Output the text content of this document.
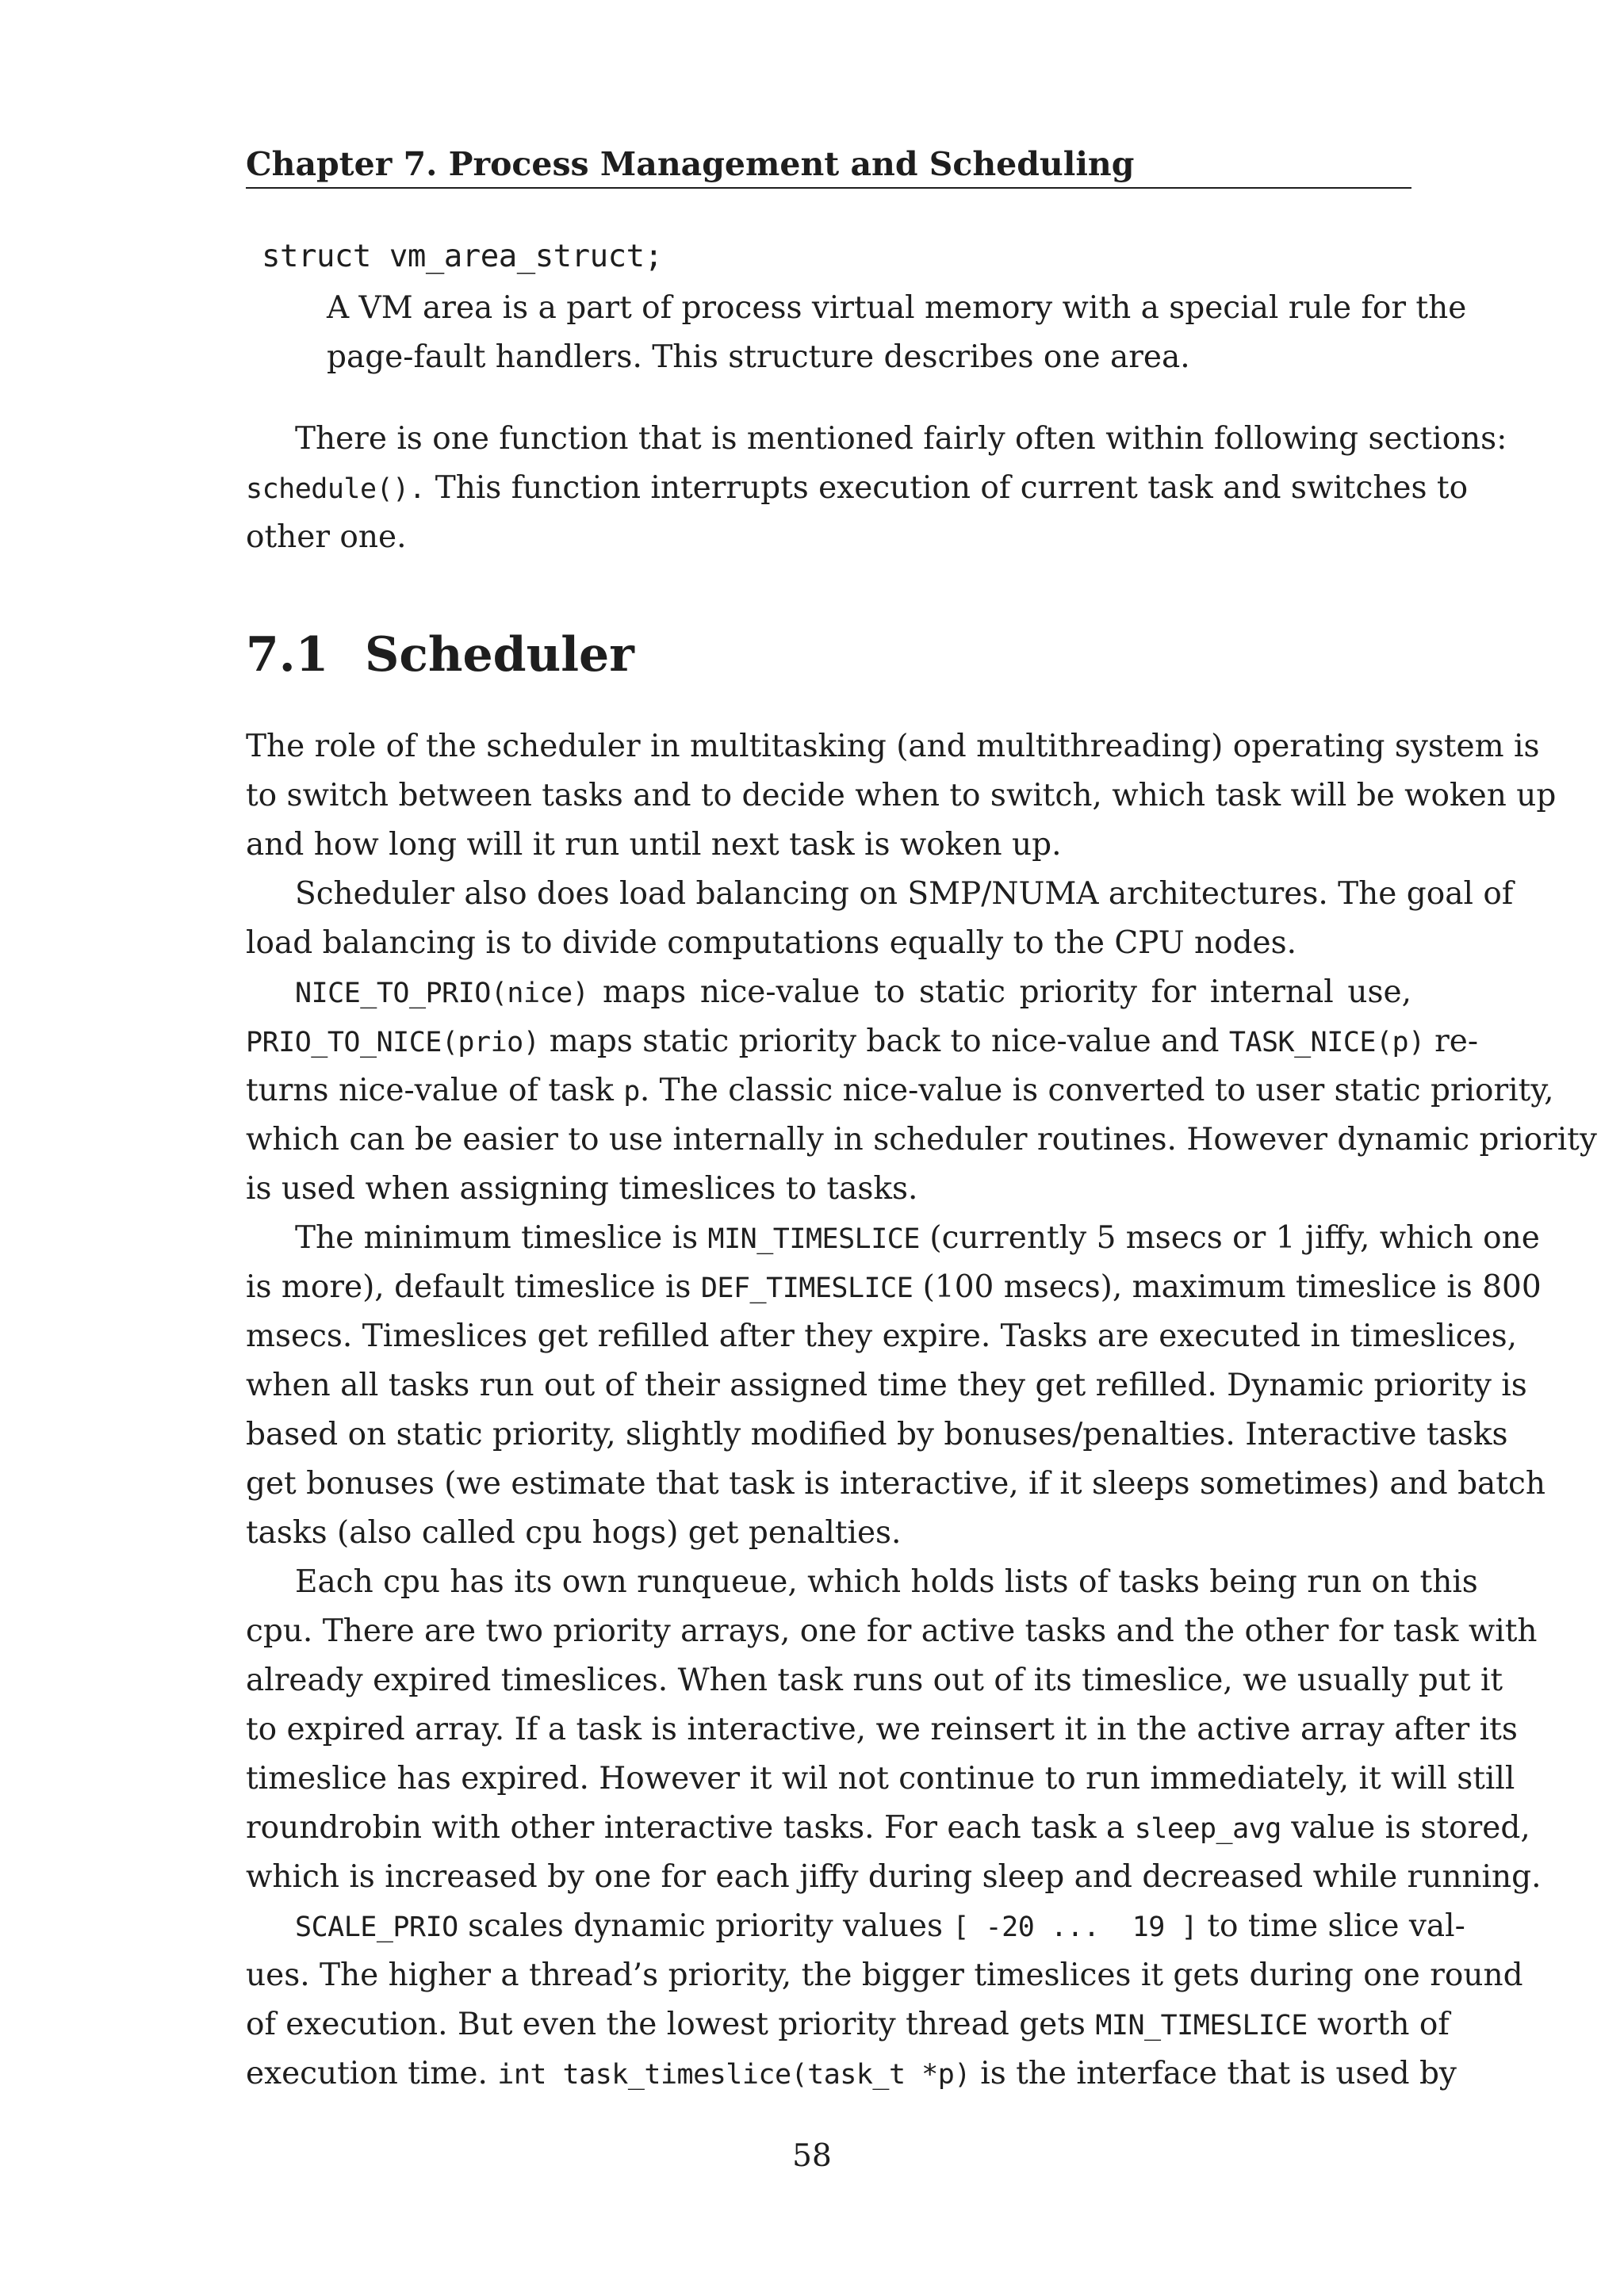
Chapter 7. Process Management and Scheduling
struct vm_area_struct;
A VM area is a part of process virtual memory with a special rule for the
page-fault handlers. This structure describes one area.
There is one function that is mentioned fairly often within following sections:
schedule(). This function interrupts execution of current task and switches to
other one.
7.1 Scheduler
The role of the scheduler in multitasking (and multithreading) operating system is
to switch between tasks and to decide when to switch, which task will be woken up
and how long will it run until next task is woken up.
Scheduler also does load balancing on SMP/NUMA architectures. The goal of
load balancing is to divide computations equally to the CPU nodes.
NICE_TO_PRIO(nice) maps nice-value to static priority for internal use,
PRIO_TO_NICE(prio) maps static priority back to nice-value and TASK_NICE(p) re-
turns nice-value of task p. The classic nice-value is converted to user static priority,
which can be easier to use internally in scheduler routines. However dynamic priority
is used when assigning timeslices to tasks.
The minimum timeslice is MIN_TIMESLICE (currently 5 msecs or 1 jiffy, which one
is more), default timeslice is DEF_TIMESLICE (100 msecs), maximum timeslice is 800
msecs. Timeslices get refilled after they expire. Tasks are executed in timeslices,
when all tasks run out of their assigned time they get refilled. Dynamic priority is
based on static priority, slightly modified by bonuses/penalties. Interactive tasks
get bonuses (we estimate that task is interactive, if it sleeps sometimes) and batch
tasks (also called cpu hogs) get penalties.
Each cpu has its own runqueue, which holds lists of tasks being run on this
cpu. There are two priority arrays, one for active tasks and the other for task with
already expired timeslices. When task runs out of its timeslice, we usually put it
to expired array. If a task is interactive, we reinsert it in the active array after its
timeslice has expired. However it wil not continue to run immediately, it will still
roundrobin with other interactive tasks. For each task a sleep_avg value is stored,
which is increased by one for each jiffy during sleep and decreased while running.
SCALE_PRIO scales dynamic priority values [ -20 ...  19 ] to time slice val-
ues. The higher a thread’s priority, the bigger timeslices it gets during one round
of execution. But even the lowest priority thread gets MIN_TIMESLICE worth of
execution time. int task_timeslice(task_t *p) is the interface that is used by
58
